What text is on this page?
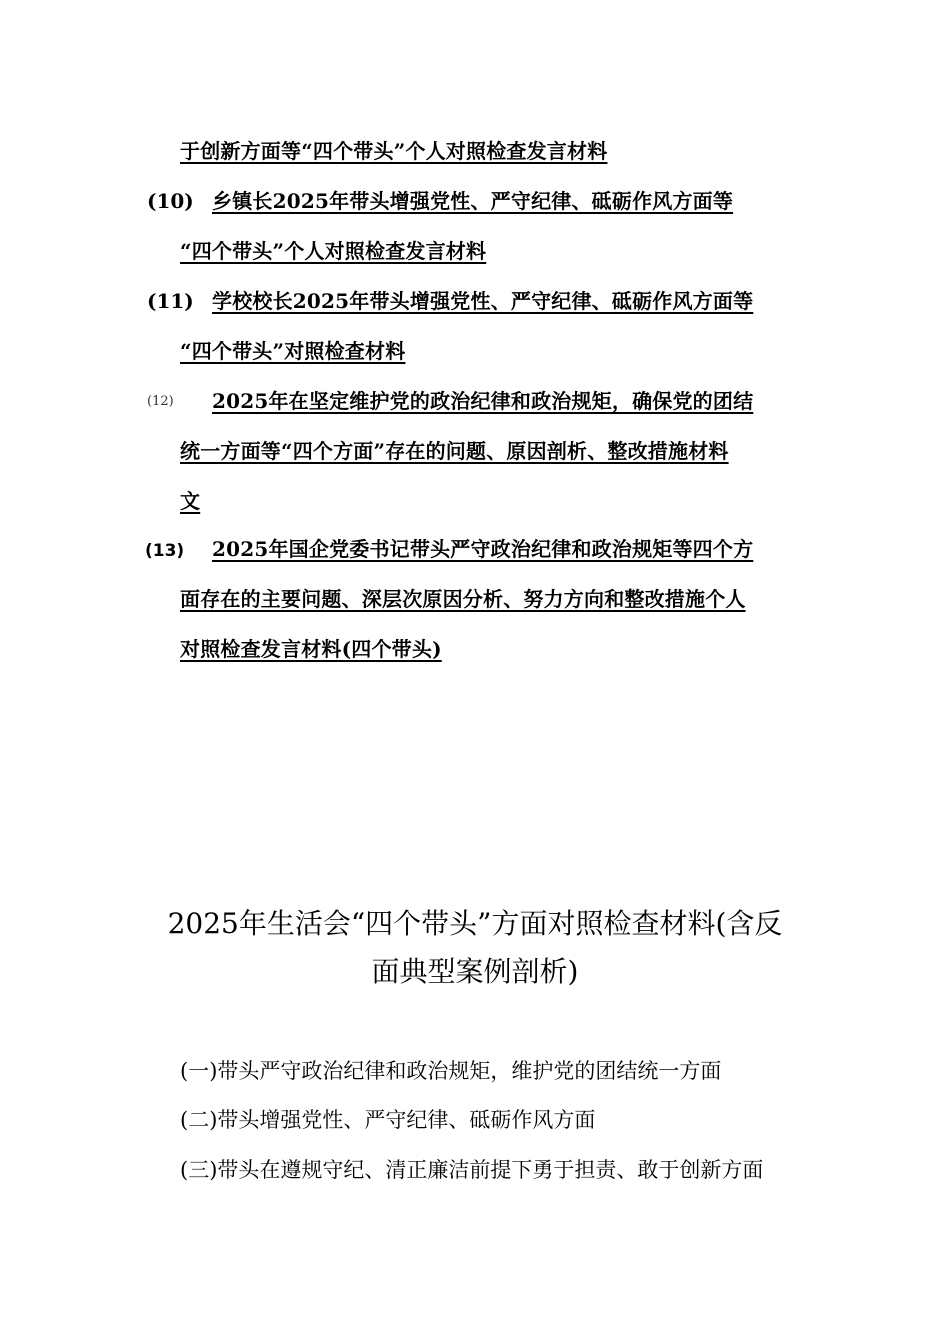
于创新方面等“四个带头”个人对照检查发言材料
(10) 乡镇长2025年带头增强党性、严守纪律、砥砺作风方面等
“四个带头”个人对照检查发言材料
(11) 学校校长2025年带头增强党性、严守纪律、砥砺作风方面等
“四个带头”对照检查材料
(12) 2025年在坚定维护党的政治纪律和政治规矩，确保党的团结
统一方面等“四个方面”存在的问题、原因剖析、整改措施材料
文
(13) 2025年国企党委书记带头严守政治纪律和政治规矩等四个方
面存在的主要问题、深层次原因分析、努力方向和整改措施个人
对照检查发言材料(四个带头)
2025年生活会“四个带头”方面对照检查材料(含反
面典型案例剖析)

(一)带头严守政治纪律和政治规矩，维护党的团结统一方面

(二)带头增强党性、严守纪律、砥砺作风方面

(三)带头在遵规守纪、清正廉洁前提下勇于担责、敢于创新方面
